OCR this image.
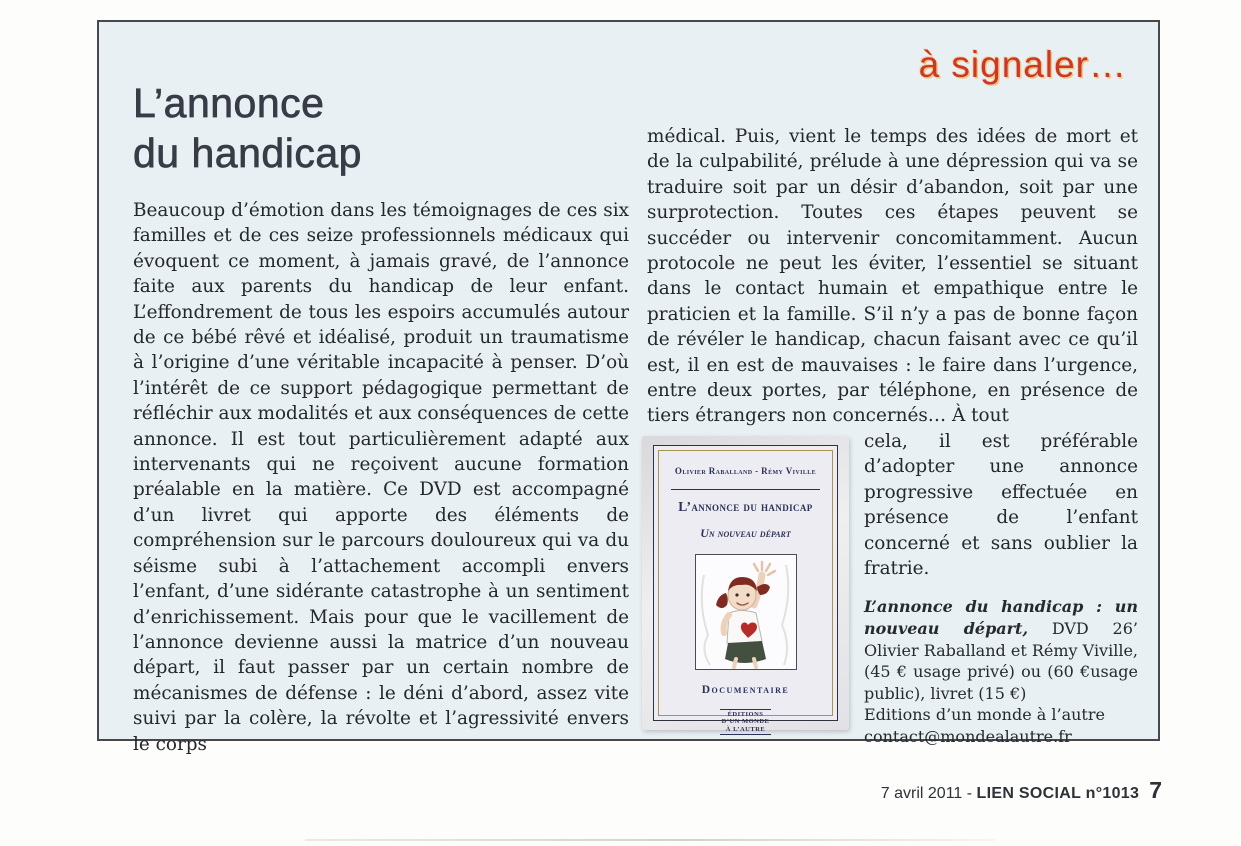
à signaler…
L’annonce
du handicap
Beaucoup d’émotion dans les témoignages de ces six familles et de ces seize professionnels médicaux qui évoquent ce moment, à jamais gravé, de l’annonce faite aux parents du handicap de leur enfant. L’effondrement de tous les espoirs accumulés autour de ce bébé rêvé et idéalisé, produit un traumatisme à l’origine d’une véritable incapacité à penser. D’où l’intérêt de ce support pédagogique permettant de réfléchir aux modalités et aux conséquences de cette annonce. Il est tout particulièrement adapté aux intervenants qui ne reçoivent aucune formation préalable en la matière. Ce DVD est accompagné d’un livret qui apporte des éléments de compréhension sur le parcours douloureux qui va du séisme subi à l’attachement accompli envers l’enfant, d’une sidérante catastrophe à un sentiment d’enrichissement. Mais pour que le vacillement de l’annonce devienne aussi la matrice d’un nouveau départ, il faut passer par un certain nombre de mécanismes de défense : le déni d’abord, assez vite suivi par la colère, la révolte et l’agressivité envers le corps

médical. Puis, vient le temps des idées de mort et de la culpabilité, prélude à une dépression qui va se traduire soit par un désir d’abandon, soit par une surprotection. Toutes ces étapes peuvent se succéder ou intervenir concomitamment. Aucun protocole ne peut les éviter, l’essentiel se situant dans le contact humain et empathique entre le praticien et la famille. S’il n’y a pas de bonne façon de révéler le handicap, chacun faisant avec ce qu’il est, il en est de mauvaises : le faire dans l’urgence, entre deux portes, par téléphone, en présence de tiers étrangers non concernés… À tout

Olivier Raballand - Rémy Viville
L’annonce du handicap
Un nouveau départ
Documentaire
ÉDITIONS
D’UN MONDE
À L’AUTRE

cela, il est préférable d’adopter une annonce progressive effectuée en présence de l’enfant concerné et sans oublier la fratrie.

L’annonce du handicap : un nouveau départ, DVD 26’ Olivier Raballand et Rémy Viville, (45 € usage privé) ou (60 €usage public), livret (15 €)
Editions d’un monde à l’autre
contact@mondealautre.fr
7 avril 2011 - LIEN SOCIAL n°1013 7
